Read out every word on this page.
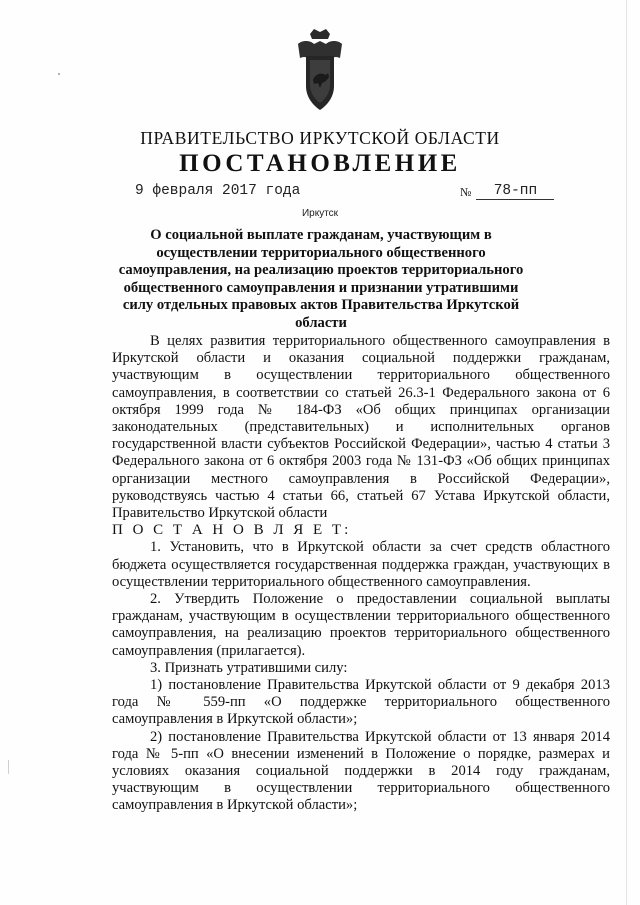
ПРАВИТЕЛЬСТВО ИРКУТСКОЙ ОБЛАСТИ
ПОСТАНОВЛЕНИЕ
9 февраля 2017 года	№ 78-пп
Иркутск
О социальной выплате гражданам, участвующим в осуществлении территориального общественного самоуправления, на реализацию проектов территориального общественного самоуправления и признании утратившими силу отдельных правовых актов Правительства Иркутской области

В целях развития территориального общественного самоуправления в Иркутской области и оказания социальной поддержки гражданам, участвующим в осуществлении территориального общественного самоуправления, в соответствии со статьей 26.3-1 Федерального закона от 6 октября 1999 года № 184-ФЗ «Об общих принципах организации законодательных (представительных) и исполнительных органов государственной власти субъектов Российской Федерации», частью 4 статьи 3 Федерального закона от 6 октября 2003 года № 131-ФЗ «Об общих принципах организации местного самоуправления в Российской Федерации», руководствуясь частью 4 статьи 66, статьей 67 Устава Иркутской области, Правительство Иркутской области

П О С Т А Н О В Л Я Е Т:

1. Установить, что в Иркутской области за счет средств областного бюджета осуществляется государственная поддержка граждан, участвующих в осуществлении территориального общественного самоуправления.

2. Утвердить Положение о предоставлении социальной выплаты гражданам, участвующим в осуществлении территориального общественного самоуправления, на реализацию проектов территориального общественного самоуправления (прилагается).

3. Признать утратившими силу:

1) постановление Правительства Иркутской области от 9 декабря 2013 года № 559-пп «О поддержке территориального общественного самоуправления в Иркутской области»;

2) постановление Правительства Иркутской области от 13 января 2014 года № 5-пп «О внесении изменений в Положение о порядке, размерах и условиях оказания социальной поддержки в 2014 году гражданам, участвующим в осуществлении территориального общественного самоуправления в Иркутской области»;
